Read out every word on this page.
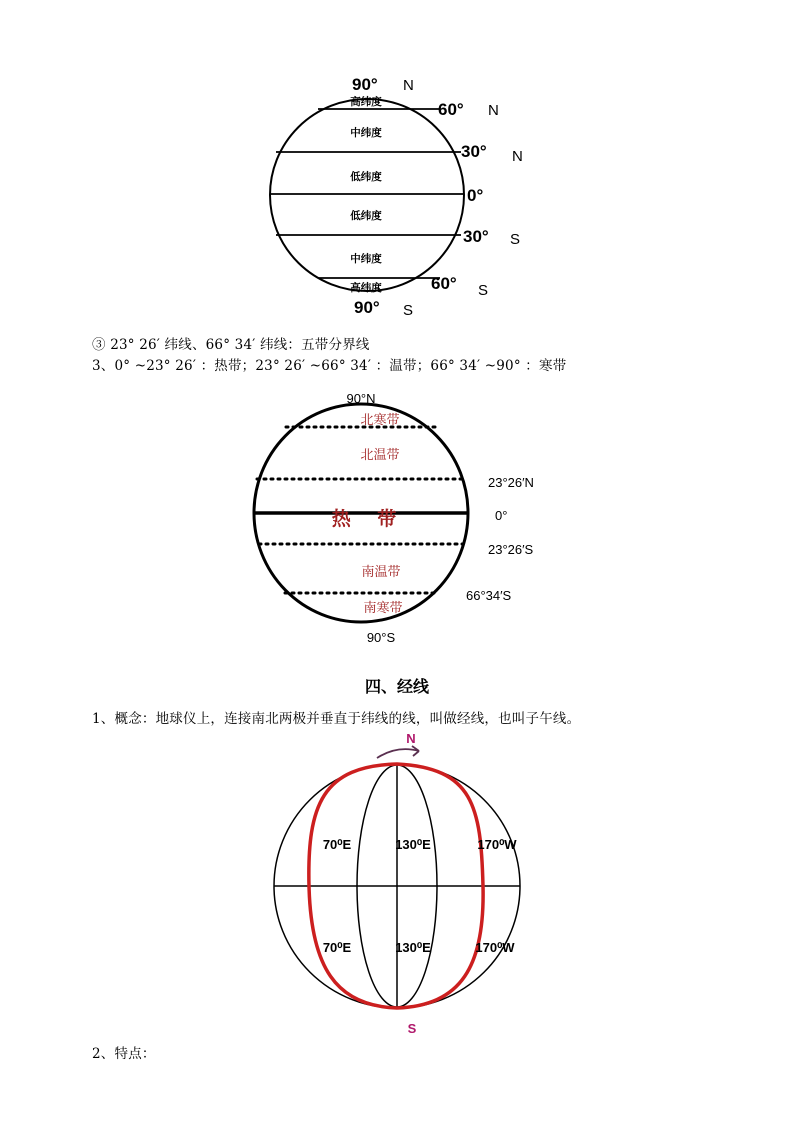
高纬度
中纬度
低纬度
低纬度
中纬度
高纬度
90° N
60° N
30° N
0°
30° S
60° S
90° S
③ 23° 26′ 纬线、66° 34′ 纬线：五带分界线
3、0° ~23° 26′ ：热带；23° 26′ ~66° 34′ ：温带；66° 34′ ~90° ：寒带
90°N
北寒带
北温带
热    带
南温带
南寒带
90°S
23°26′N
0°
23°26′S
66°34′S
四、经线
1、概念：地球仪上，连接南北两极并垂直于纬线的线，叫做经线，也叫子午线。
N
70⁰E	130⁰E	170⁰W
70⁰E	130⁰E	170⁰W
S
2、特点：
